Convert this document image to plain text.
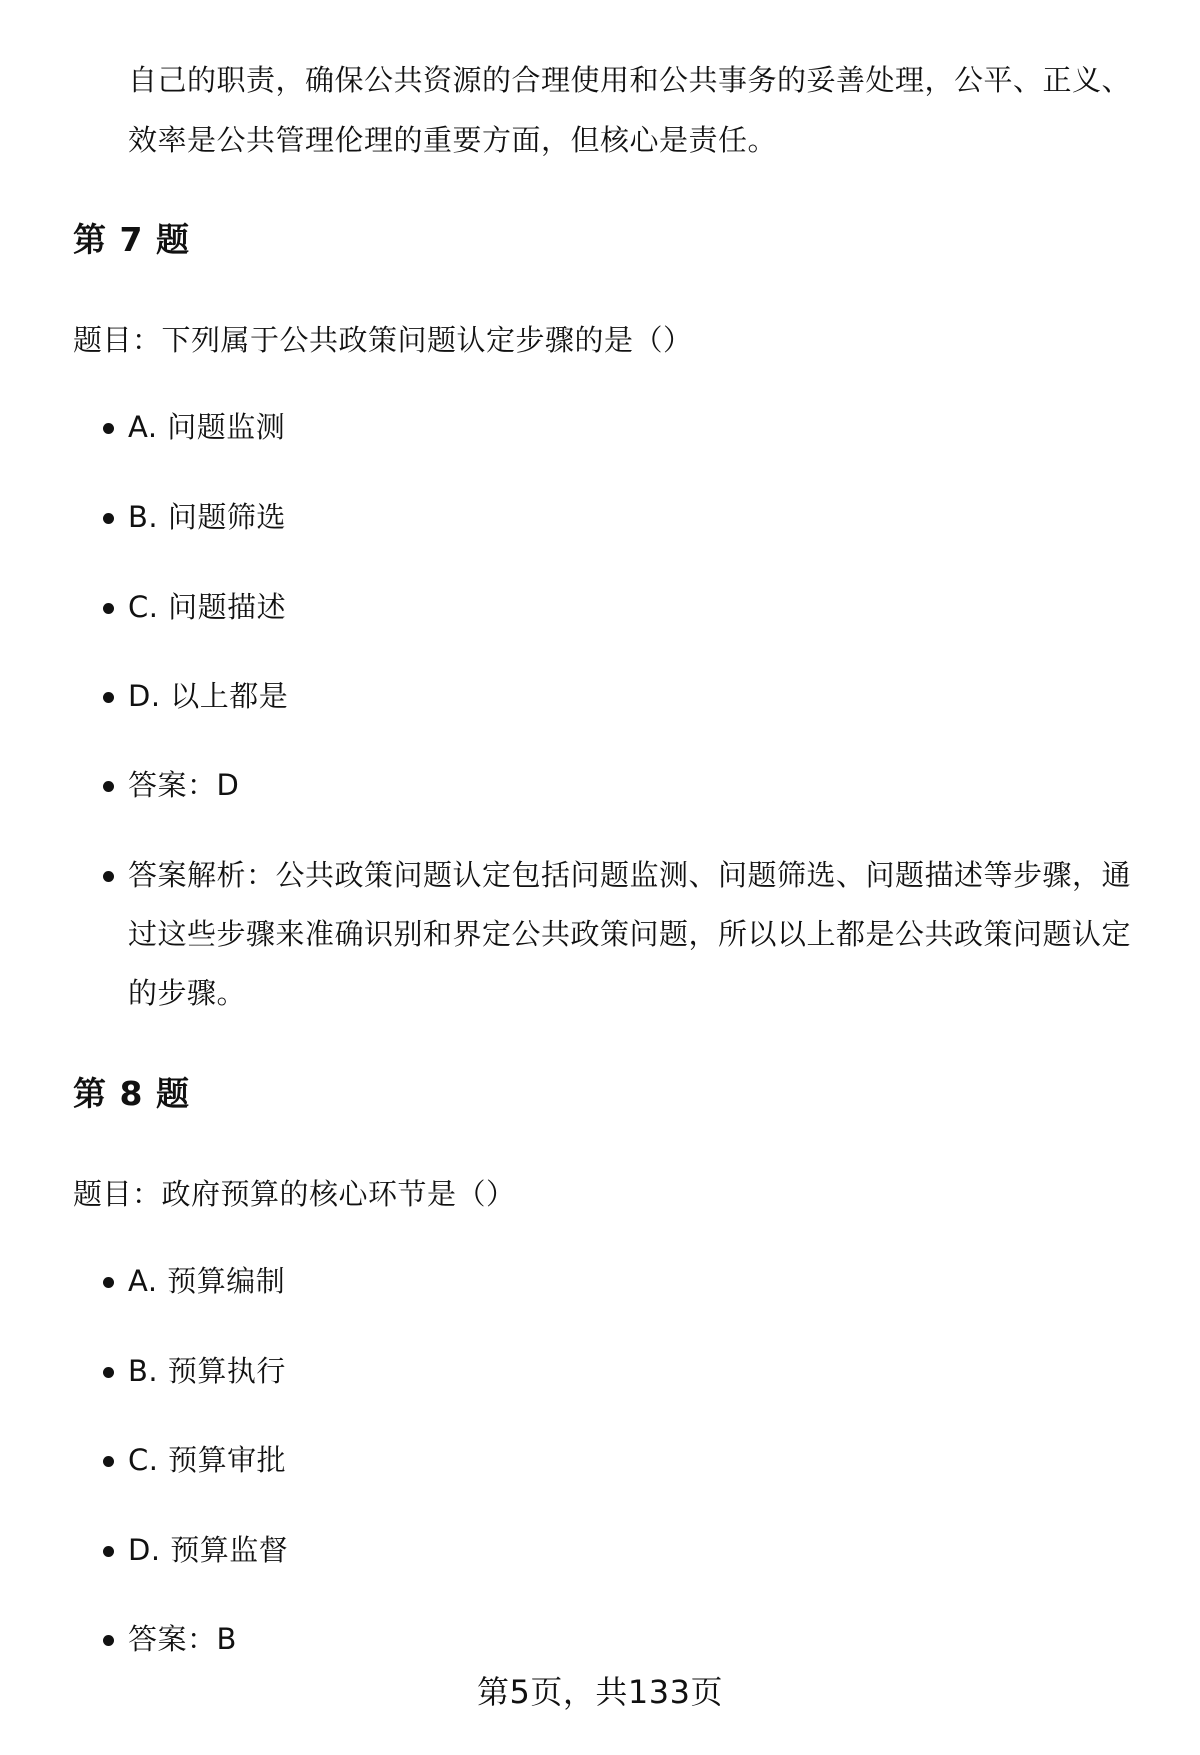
自己的职责，确保公共资源的合理使用和公共事务的妥善处理，公平、正义、效率是公共管理伦理的重要方面，但核心是责任。
第 7 题
题目：下列属于公共政策问题认定步骤的是（）
A. 问题监测
B. 问题筛选
C. 问题描述
D. 以上都是
答案：D
答案解析：公共政策问题认定包括问题监测、问题筛选、问题描述等步骤，通过这些步骤来准确识别和界定公共政策问题，所以以上都是公共政策问题认定的步骤。
第 8 题
题目：政府预算的核心环节是（）
A. 预算编制
B. 预算执行
C. 预算审批
D. 预算监督
答案：B
第5页，共133页
